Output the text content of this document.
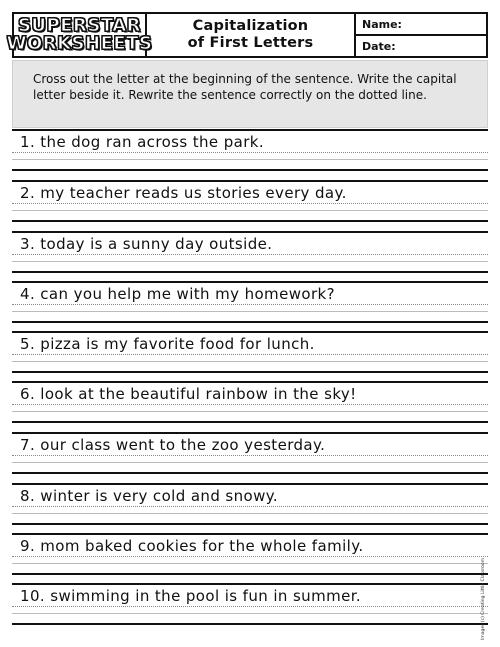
SUPERSTAR
WORKSHEETS
Capitalization
of First Letters
Name:
Date:
Cross out the letter at the beginning of the sentence. Write the capital letter beside it. Rewrite the sentence correctly on the dotted line.
1. the dog ran across the park.
2. my teacher reads us stories every day.
3. today is a sunny day outside.
4. can you help me with my homework?
5. pizza is my favorite food for lunch.
6. look at the beautiful rainbow in the sky!
7. our class went to the zoo yesterday.
8. winter is very cold and snowy.
9. mom baked cookies for the whole family.
10. swimming in the pool is fun in summer.	Images (c) Creating Little Classroom
